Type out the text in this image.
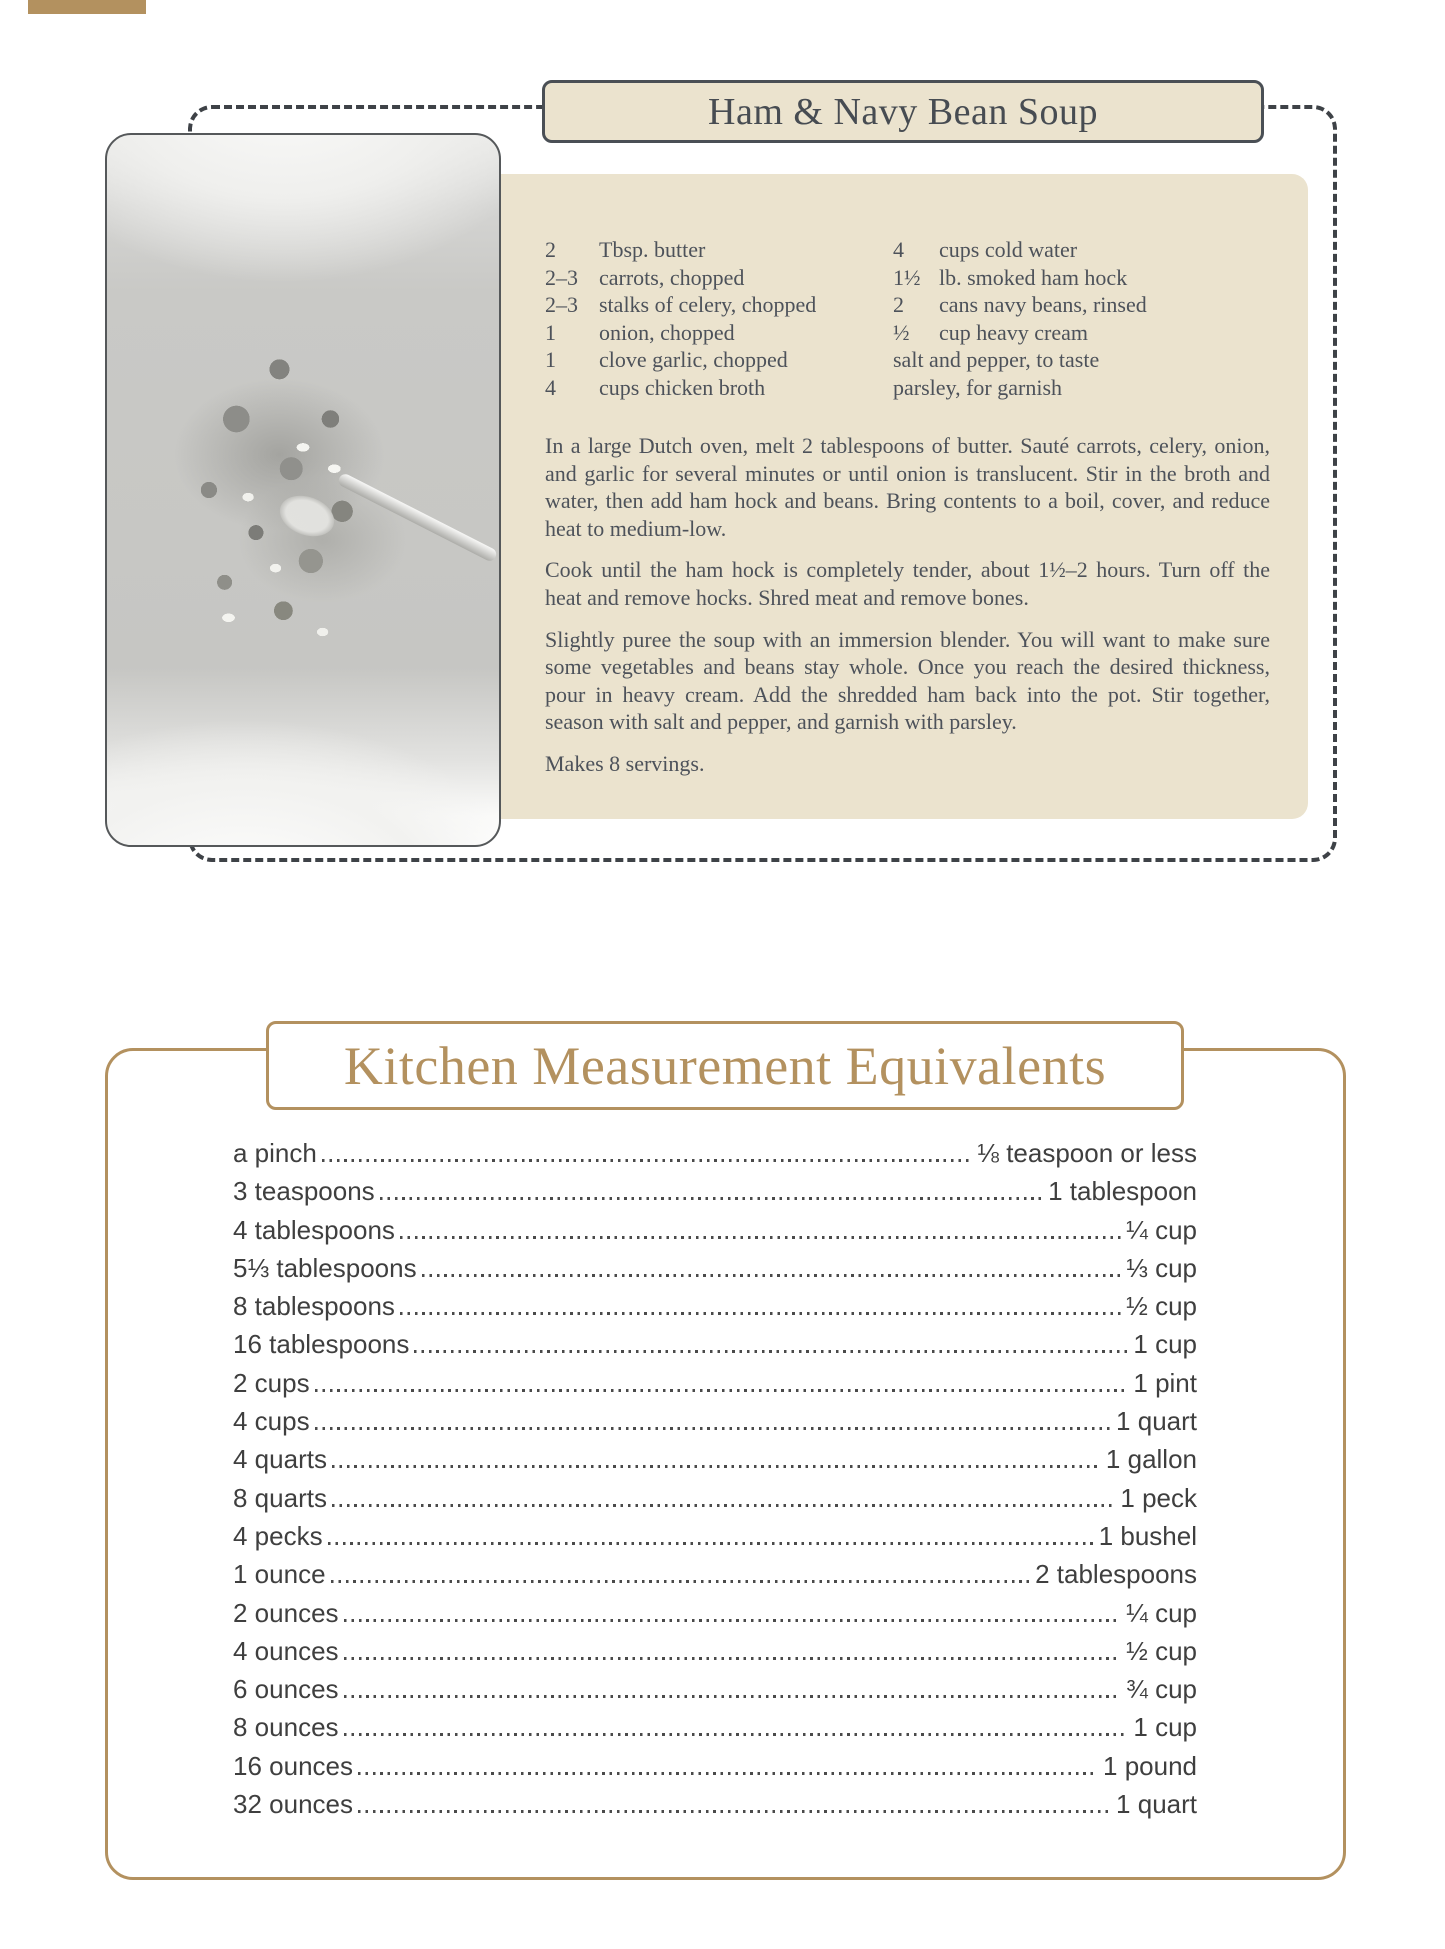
Ham & Navy Bean Soup
2 Tbsp. butter
2–3 carrots, chopped
2–3 stalks of celery, chopped
1 onion, chopped
1 clove garlic, chopped
4 cups chicken broth
4 cups cold water
1½ lb. smoked ham hock
2 cans navy beans, rinsed
½ cup heavy cream
salt and pepper, to taste
parsley, for garnish

In a large Dutch oven, melt 2 tablespoons of butter. Sauté carrots, celery, onion, and garlic for several minutes or until onion is translucent. Stir in the broth and water, then add ham hock and beans. Bring contents to a boil, cover, and reduce heat to medium-low.

Cook until the ham hock is completely tender, about 1½–2 hours. Turn off the heat and remove hocks. Shred meat and remove bones.

Slightly puree the soup with an immersion blender. You will want to make sure some vegetables and beans stay whole. Once you reach the desired thickness, pour in heavy cream. Add the shredded ham back into the pot. Stir together, season with salt and pepper, and garnish with parsley.

Makes 8 servings.

Kitchen Measurement Equivalents
a pinch	⅛ teaspoon or less
3 teaspoons	1 tablespoon
4 tablespoons	¼ cup
5⅓ tablespoons	⅓ cup
8 tablespoons	½ cup
16 tablespoons	1 cup
2 cups	1 pint
4 cups	1 quart
4 quarts	1 gallon
8 quarts	1 peck
4 pecks	1 bushel
1 ounce	2 tablespoons
2 ounces	¼ cup
4 ounces	½ cup
6 ounces	¾ cup
8 ounces	1 cup
16 ounces	1 pound
32 ounces	1 quart
